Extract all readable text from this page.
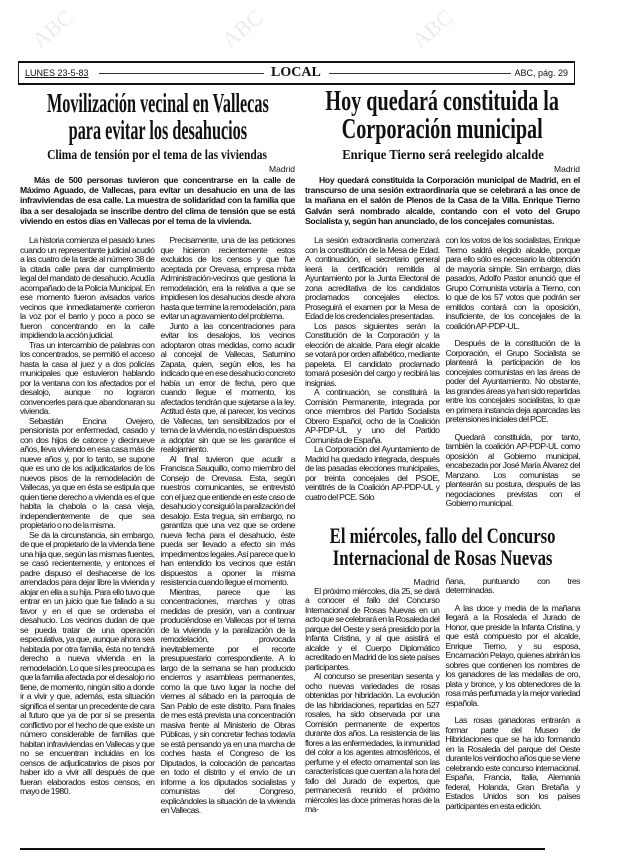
ABC	ABC	ABC
LUNES 23-5-83	LOCAL	ABC, pág. 29
Movilización vecinal en Vallecas
para evitar los desahucios
Clima de tensión por el tema de las viviendas
Madrid

Más de 500 personas tuvieron que concentrarse en la calle de Máximo Aguado, de Vallecas, para evitar un desahucio en una de las infraviviendas de esa calle. La muestra de solidaridad con la familia que iba a ser desalojada se inscribe dentro del clima de tensión que se está viviendo en estos días en Vallecas por el tema de la vivienda.

La historia comienza el pasado lunes cuando un representante judicial acudió a las cuatro de la tarde al número 38 de la citada calle para dar cumplimiento legal del mandato de desahucio. Acudía acompañado de la Policía Municipal. En ese momento fueron avisados varios vecinos que inmediatamente corrieron la voz por el barrio y poco a poco se fueron concentrando en la calle impidiendo la acción judicial.

Tras un intercambio de palabras con los concentrados, se permitió el acceso hasta la casa al juez y a dos policías municipales que estuvieron hablando por la ventana con los afectados por el desalojo, aunque no lograron convencerles para que abandonaran su vivienda.

Sebastián Encina Ovejero, pensionista por enfermedad, casado y con dos hijos de catorce y diecinueve años, lleva viviendo en esa casa más de nueve años y, por lo tanto, se supone que es uno de los adjudicatarios de los nuevos pisos de la remodelación de Vallecas, ya que en ésta se estipula que quien tiene derecho a vivienda es el que habita la chabola o la casa vieja, independientemente de que sea propietario o no de la misma.

Se da la circunstancia, sin embargo, de que el propietario de la vivienda tiene una hija que, según las mismas fuentes, se casó recientemente, y entonces el padre dispuso el deshacerse de los arrendados para dejar libre la vivienda y alojar en ella a su hija. Para ello tuvo que entrar en un juicio que fue fallado a su favor y en el que se ordenaba el desahucio. Los vecinos dudan de que se pueda tratar de una operación especulativa, ya que, aunque ahora sea habitada por otra familia, ésta no tendrá derecho a nueva vivienda en la remodelación. Lo que sí les preocupa es que la familia afectada por el desalojo no tiene, de momento, ningún sitio a donde ir a vivir y que, además, esta situación significa el sentar un precedente de cara al futuro que ya de por sí se presenta conflictivo por el hecho de que existe un número considerable de familias que habitan infraviviendas en Vallecas y que no se encuentran incluidas en los censos de adjudicatarios de pisos por haber ido a vivir allí después de que fueran elaborados estos censos, en mayo de 1980.

Precisamente, una de las peticiones que hicieron recientemente estos excluidos de los censos y que fue aceptada por Orevasa, empresa mixta Administración-vecinos que gestiona la remodelación, era la relativa a que se impidiesen los desahucios desde ahora hasta que termine la remodelación, para evitar un agravamiento del problema.

Junto a las concentraciones para evitar los desalojos, los vecinos adoptaron otras medidas, como acudir al concejal de Vallecas, Saturnino Zapata, quien, según ellos, les ha indicado que en ese desahucio concreto había un error de fecha, pero que cuando llegue el momento, los afectados tendrán que sujetarse a la ley. Actitud ésta que, al parecer, los vecinos de Vallecas, tan sensibilizados por el tema de la vivienda, no están dispuestos a adoptar sin que se les garantice el realojamiento.

Al final tuvieron que acudir a Francisca Sauquillo, como miembro del Consejo de Orevasa. Esta, según nuestros comunicantes, se entrevistó con el juez que entiende en este caso de desahucio y consiguió la paralización del desalojo. Esta tregua, sin embargo, no garantiza que una vez que se ordene nueva fecha para el desahucio, éste pueda ser llevado a efecto sin más impedimentos legales. Así parece que lo han entendido los vecinos que están dispuestos a oponer la misma resistencia cuando llegue el momento.

Mientras, parece que las concentraciones, marchas y otras medidas de presión, van a continuar produciéndose en Vallecas por el tema de la vivienda y la paralización de la remodelación, provocada inevitablemente por el recorte presupuestario correspondiente. A lo largo de la semana se han producido encierros y asambleas permanentes, como la que tuvo lugar la noche del viernes al sábado en la parroquia de San Pablo de este distrito. Para finales de mes está prevista una concentración masiva frente al Ministerio de Obras Públicas, y sin concretar fechas todavía se está pensando ya en una marcha de coches hasta el Congreso de los Diputados, la colocación de pancartas en todo el distrito y el envío de un informe a los diputados socialistas y comunistas del Congreso, explicándoles la situación de la vivienda en Vallecas.

Hoy quedará constituida la
Corporación municipal
Enrique Tierno será reelegido alcalde
Madrid

Hoy quedará constituida la Corporación municipal de Madrid, en el transcurso de una sesión extraordinaria que se celebrará a las once de la mañana en el salón de Plenos de la Casa de la Villa. Enrique Tierno Galván será nombrado alcalde, contando con el voto del Grupo Socialista y, según han anunciado, de los concejales comunistas.

La sesión extraordinaria comenzará con la constitución de la Mesa de Edad. A continuación, el secretario general leerá la certificación remitida al Ayuntamiento por la Junta Electoral de zona acreditativa de los candidatos proclamados concejales electos. Proseguirá el examen por la Mesa de Edad de los credenciales presentadas.

Los pasos siguientes serán la Constitución de la Corporación y la elección de alcalde. Para elegir alcalde se votará por orden alfabético, mediante papeleta. El candidato proclamado tomará posesión del cargo y recibirá las insignias.

A continuación, se constituirá la Comisión Permanente, integrada por once miembros del Partido Socialista Obrero Español, ocho de la Coalición AP-PDP-UL y uno del Partido Comunista de España.

La Corporación del Ayuntamiento de Madrid ha quedado integrada, después de las pasadas elecciones municipales, por treinta concejales del PSOE, veintitrés de la Coalición AP-PDP-UL y cuatro del PCE. Sólo

con los votos de los socialistas, Enrique Tierno saldrá elegido alcalde, porque para ello sólo es necesario la obtención de mayoría simple. Sin embargo, días pasados, Adolfo Pastor anunció que el Grupo Comunista votaría a Tierno, con lo que de los 57 votos que podrán ser emitidos contará con la oposición, insuficiente, de los concejales de la coalición AP-PDP-UL.

Después de la constitución de la Corporación, el Grupo Socialista se planteará la participación de los concejales comunistas en las áreas de poder del Ayuntamiento. No obstante, las grandes áreas ya han sido repartidas entre los concejales socialistas, lo que en primera instancia deja aparcadas las pretensiones iniciales del PCE.

Quedará constituida, por tanto, también la coalición AP-PDP-UL como oposición al Gobierno municipal, encabezada por José María Álvarez del Manzano. Los comunistas se plantearán su postura, después de las negociaciones previstas con el Gobierno municipal.

El miércoles, fallo del Concurso
Internacional de Rosas Nuevas
Madrid

El próximo miércoles, día 25, se dará a conocer el fallo del Concurso Internacional de Rosas Nuevas en un acto que se celebrará en la Rosaleda del parque del Oeste y será presidido por la Infanta Cristina, y al que asistirá el alcalde y el Cuerpo Diplomático acreditado en Madrid de los siete países participantes.

Al concurso se presentan sesenta y ocho nuevas variedades de rosas obtenidas por hibridación. La evolución de las hibridaciones, repartidas en 527 rosales, ha sido observada por una Comisión permanente de expertos durante dos años. La resistencia de las flores a las enfermedades, la inmunidad del color a los agentes atmosféricos, el perfume y el efecto ornamental son las características que cuentan a la hora del fallo del Jurado de expertos, que permanecerá reunido el próximo miércoles las doce primeras horas de la ma-

ñana, puntuando con tres determinadas.

A las doce y media de la mañana llegará a la Rosaleda el Jurado de Honor, que preside la Infanta Cristina, y que está compuesto por el alcalde, Enrique Tierno, y su esposa, Encarnación Pelayo, quienes abrirán los sobres que contienen los nombres de los ganadores de las medallas de oro, plata y bronce, y los obtenedores de la rosa más perfumada y la mejor variedad española.

Las rosas ganadoras entrarán a formar parte del Museo de Hibridaciones que se ha ido formando en la Rosaleda del parque del Oeste durante los veintiocho años que se viene celebrando este concurso internacional. España, Francia, Italia, Alemania federal, Holanda, Gran Bretaña y Estados Unidos son los países participantes en esta edición.
